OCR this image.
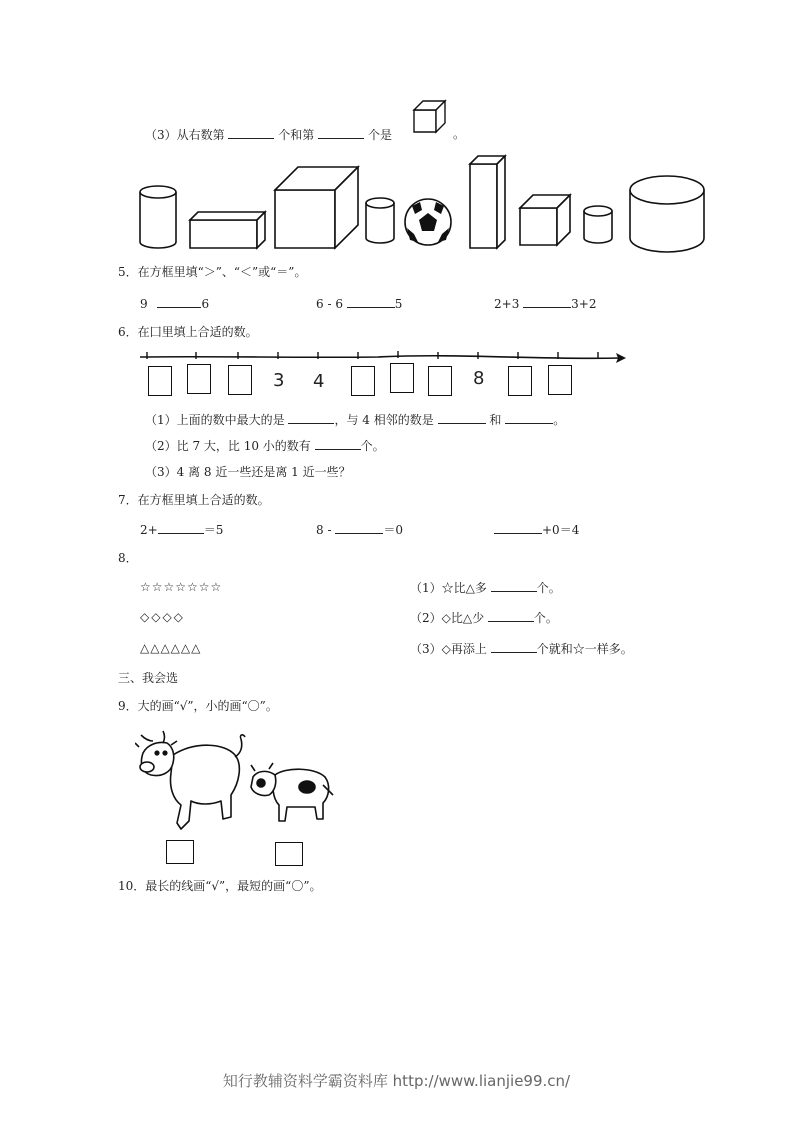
（3）从右数第	个和第	个是	。
5．在方框里填“＞”、“＜”或“＝”。
9	6	6 - 6	5	2+3	3+2
6．在囗里填上合适的数。
3 4	8
（1）上面的数中最大的是	，与 4 相邻的数是	和	。
（2）比 7 大，比 10 小的数有	个。
（3）4 离 8 近一些还是离 1 近一些？
7．在方框里填上合适的数。
2+	＝5	8 -	＝0	+0＝4
8．
☆☆☆☆☆☆☆
◇◇◇◇
△△△△△△
（1）☆比△多	个。
（2）◇比△少	个。
（3）◇再添上	个就和☆一样多。
三、我会选
9．大的画“√”，小的画“〇”。
10．最长的线画“√”，最短的画“〇”。
知行教辅资料学霸资料库 http://www.lianjie99.cn/
